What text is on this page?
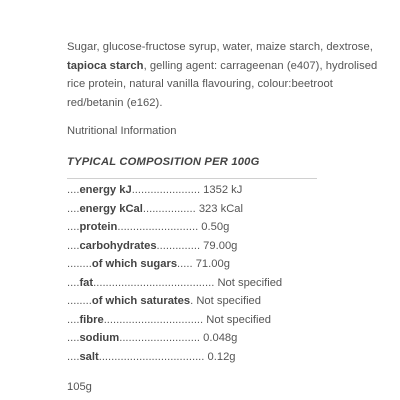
Sugar, glucose-fructose syrup, water, maize starch, dextrose, tapioca starch, gelling agent: carrageenan (e407), hydrolised rice protein, natural vanilla flavouring, colour:beetroot red/betanin (e162).

Nutritional Information
TYPICAL COMPOSITION PER 100G
....energy kJ...................... 1352 kJ
....energy kCal................. 323 kCal
....protein.......................... 0.50g
....carbohydrates.............. 79.00g
........of which sugars..... 71.00g
....fat....................................... Not specified
........of which saturates. Not specified
....fibre................................ Not specified
....sodium.......................... 0.048g
....salt.................................. 0.12g
105g
